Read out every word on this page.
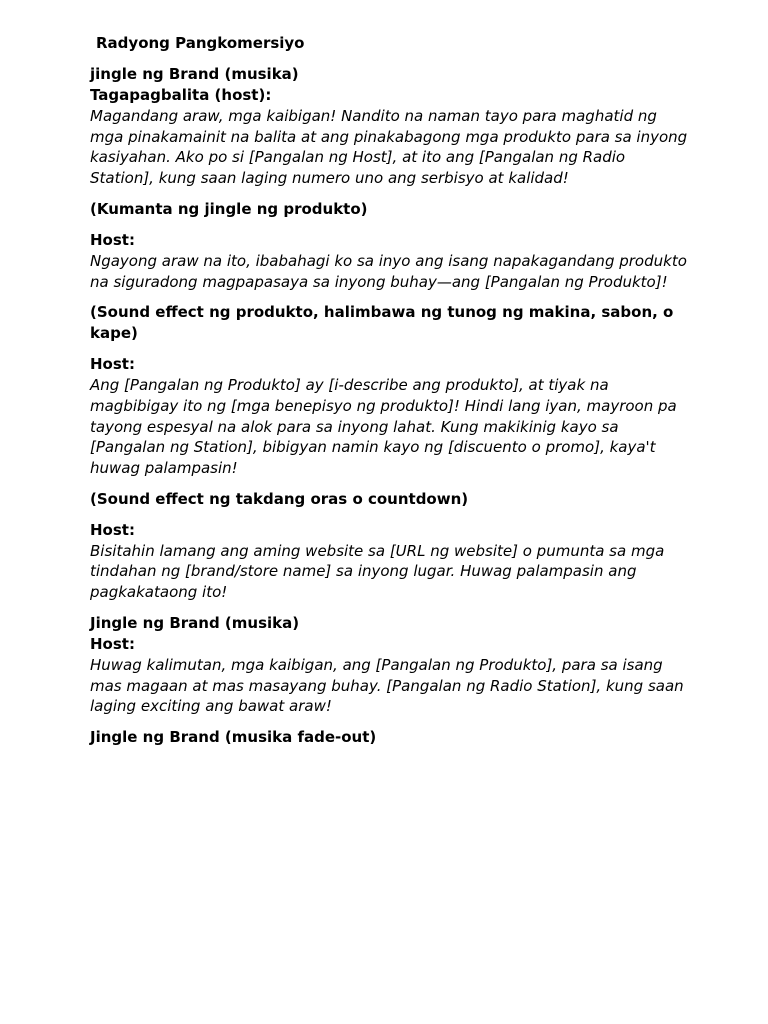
Radyong Pangkomersiyo
jingle ng Brand (musika)
Tagapagbalita (host):
Magandang araw, mga kaibigan! Nandito na naman tayo para maghatid ng mga pinakamainit na balita at ang pinakabagong mga produkto para sa inyong kasiyahan. Ako po si [Pangalan ng Host], at ito ang [Pangalan ng Radio Station], kung saan laging numero uno ang serbisyo at kalidad!
(Kumanta ng jingle ng produkto)
Host:
Ngayong araw na ito, ibabahagi ko sa inyo ang isang napakagandang produkto na siguradong magpapasaya sa inyong buhay—ang [Pangalan ng Produkto]!
(Sound effect ng produkto, halimbawa ng tunog ng makina, sabon, o kape)
Host:
Ang [Pangalan ng Produkto] ay [i-describe ang produkto], at tiyak na magbibigay ito ng [mga benepisyo ng produkto]! Hindi lang iyan, mayroon pa tayong espesyal na alok para sa inyong lahat. Kung makikinig kayo sa [Pangalan ng Station], bibigyan namin kayo ng [discuento o promo], kaya't huwag palampasin!
(Sound effect ng takdang oras o countdown)
Host:
Bisitahin lamang ang aming website sa [URL ng website] o pumunta sa mga tindahan ng [brand/store name] sa inyong lugar. Huwag palampasin ang pagkakataong ito!
Jingle ng Brand (musika)
Host:
Huwag kalimutan, mga kaibigan, ang [Pangalan ng Produkto], para sa isang mas magaan at mas masayang buhay. [Pangalan ng Radio Station], kung saan laging exciting ang bawat araw!
Jingle ng Brand (musika fade-out)
